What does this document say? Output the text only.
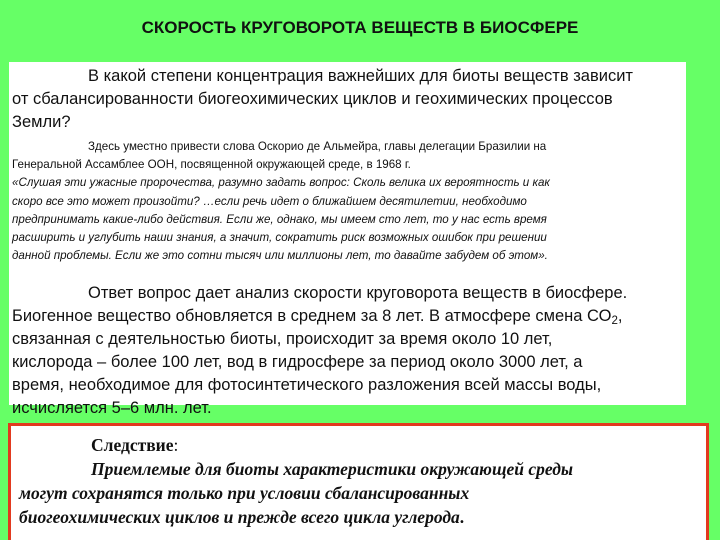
СКОРОСТЬ КРУГОВОРОТА ВЕЩЕСТВ В БИОСФЕРЕ

В какой степени концентрация важнейших для биоты веществ зависит
от сбалансированности биогеохимических циклов и геохимических процессов
Земли?

Здесь уместно привести слова Оскорио де Альмейра, главы делегации Бразилии на
Генеральной Ассамблее ООН, посвященной окружающей среде, в 1968 г.
«Слушая эти ужасные пророчества, разумно задать вопрос: Сколь велика их вероятность и как
скоро все это может произойти? …если речь идет о ближайшем десятилетии, необходимо
предпринимать какие-либо действия. Если же, однако, мы имеем сто лет, то у нас есть время
расширить и углубить наши знания, а значит, сократить риск возможных ошибок при решении
данной проблемы. Если же это сотни тысяч или миллионы лет, то давайте забудем об этом».

Ответ вопрос дает анализ скорости круговорота веществ в биосфере.
Биогенное вещество обновляется в среднем за 8 лет. В атмосфере смена $СО_2$,
связанная с деятельностью биоты, происходит за время около 10 лет,
кислорода – более 100 лет, вод в гидросфере за период около 3000 лет, а
время, необходимое для фотосинтетического разложения всей массы воды,
исчисляется 5–6 млн. лет.

Следствие:
Приемлемые для биоты характеристики окружающей среды
могут сохранятся только при условии сбалансированных
биогеохимических циклов и прежде всего цикла углерода.
